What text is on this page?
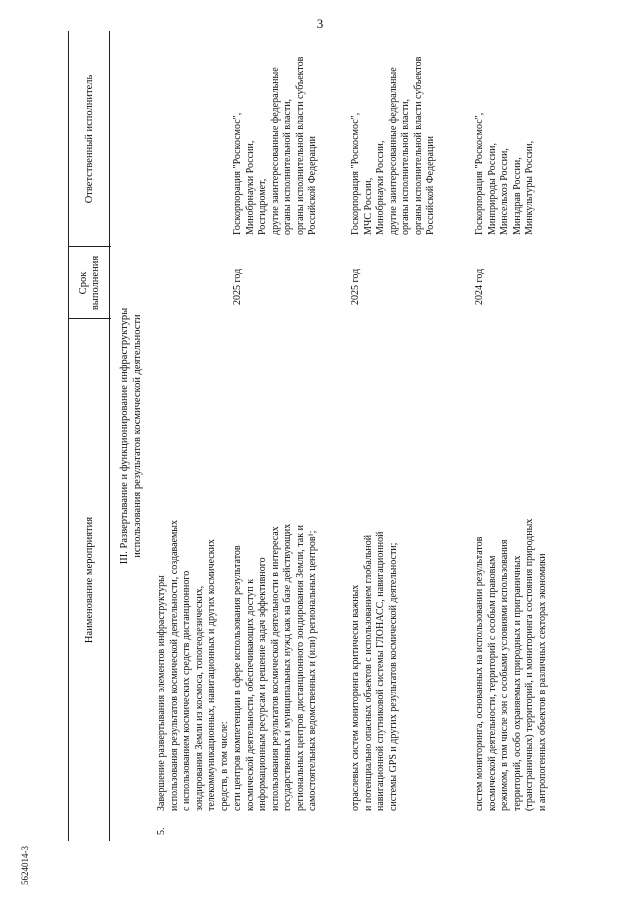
3
5624014-3
Наименование мероприятия
Срок выполнения
Ответственный исполнитель
III. Развертывание и функционирование инфраструктуры использования результатов космической деятельности
5.
Завершение развертывания элементов инфраструктуры использования результатов космической деятельности, создаваемых с использованием космических средств дистанционного зондирования Земли из космоса, топогеодезических, телекоммуникационных, навигационных и других космических средств, в том числе: сети центров компетенции в сфере использования результатов космической деятельности, обеспечивающих доступ к информационным ресурсам и решение задач эффективного использования результатов космической деятельности в интересах государственных и муниципальных нужд как на базе действующих региональных центров дистанционного зондирования Земли, так и самостоятельных ведомственных и (или) региональных центров¹;
2025 год
Госкорпорация "Роскосмос", Минобрнауки России, Росгидромет, другие заинтересованные федеральные органы исполнительной власти, органы исполнительной власти субъектов Российской Федерации
отраслевых систем мониторинга критически важных и потенциально опасных объектов с использованием глобальной навигационной спутниковой системы ГЛОНАСС, навигационной системы GPS и других результатов космической деятельности;
2025 год
Госкорпорация "Роскосмос", МЧС России, Минобрнауки России, другие заинтересованные федеральные органы исполнительной власти, органы исполнительной власти субъектов Российской Федерации
систем мониторинга, основанных на использовании результатов космической деятельности, территорий с особым правовым режимом, в том числе зон с особыми условиями использования территорий, особо охраняемых природных и приграничных (трансграничных) территорий, и мониторинга состояния природных и антропогенных объектов в различных секторах экономики
2024 год
Госкорпорация "Роскосмос", Минприроды России, Минсельхоз России, Минздрав России, Минкультуры России,
